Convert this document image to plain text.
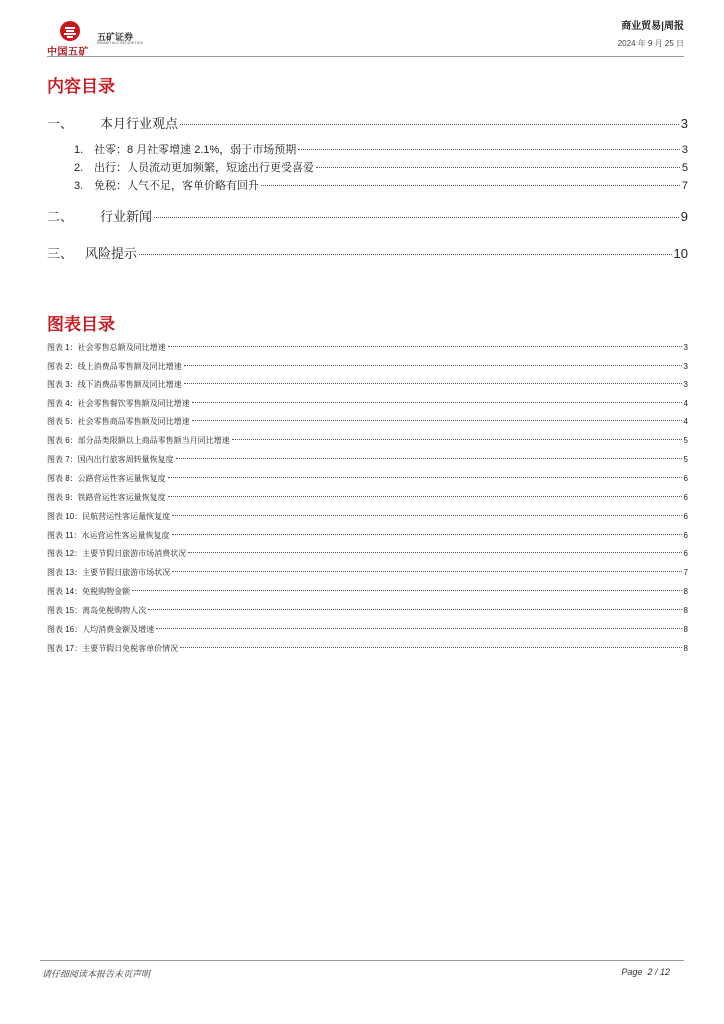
中国五矿
五矿证券
MINMETALS SECURITIES
商业贸易|周报
2024 年 9 月 25 日
内容目录
一、 本月行业观点	3
1. 社零：8 月社零增速 2.1%，弱于市场预期	3
2. 出行：人员流动更加频繁，短途出行更受喜爱	5
3. 免税：人气不足，客单价略有回升	7
二、 行业新闻	9
三、 风险提示	10
图表目录
图表 1：社会零售总额及同比增速	3
图表 2：线上消费品零售额及同比增速	3
图表 3：线下消费品零售额及同比增速	3
图表 4：社会零售餐饮零售额及同比增速	4
图表 5：社会零售商品零售额及同比增速	4
图表 6：部分品类限额以上商品零售额当月同比增速	5
图表 7：国内出行旅客周转量恢复度	5
图表 8：公路营运性客运量恢复度	6
图表 9：铁路营运性客运量恢复度	6
图表 10：民航营运性客运量恢复度	6
图表 11：水运营运性客运量恢复度	6
图表 12：主要节假日旅游市场消费状况	6
图表 13：主要节假日旅游市场状况	7
图表 14：免税购物金额	8
图表 15：离岛免税购物人次	8
图表 16：人均消费金额及增速	8
图表 17：主要节假日免税客单价情况	8
请仔细阅读本报告末页声明	Page 2 / 12
